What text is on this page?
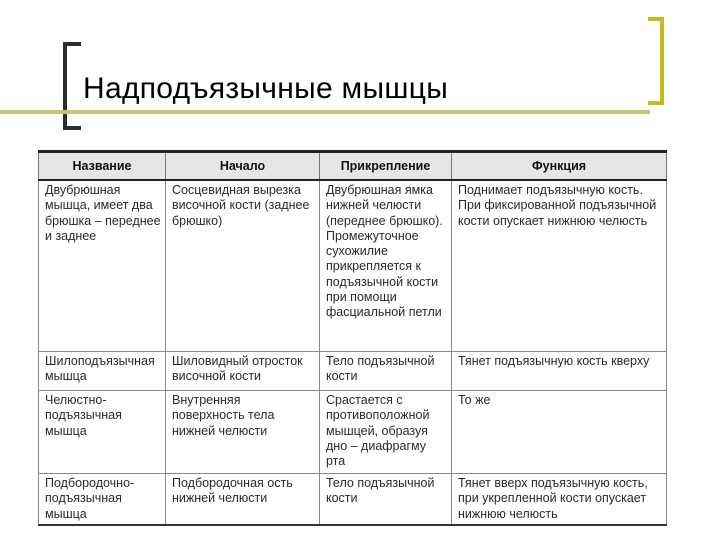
Надподъязычные мышцы
Название	Начало	Прикрепление	Функция
Двубрюшная мышца, имеет два брюшка – переднее и заднее	Сосцевидная вырезка височной кости (заднее брюшко)	Двубрюшная ямка нижней челюсти (переднее брюшко). Промежуточное сухожилие прикрепляется к подъязычной кости при помощи фасциальной петли	Поднимает подъязычную кость. При фиксированной подъязычной кости опускает нижнюю челюсть
Шилоподъязычная мышца	Шиловидный отросток височной кости	Тело подъязычной кости	Тянет подъязычную кость кверху
Челюстно-подъязычная мышца	Внутренняя поверхность тела нижней челюсти	Срастается с противоположной мышцей, образуя дно – диафрагму рта	То же
Подбородочно-подъязычная мышца	Подбородочная ость нижней челюсти	Тело подъязычной кости	Тянет вверх подъязычную кость, при укрепленной кости опускает нижнюю челюсть
